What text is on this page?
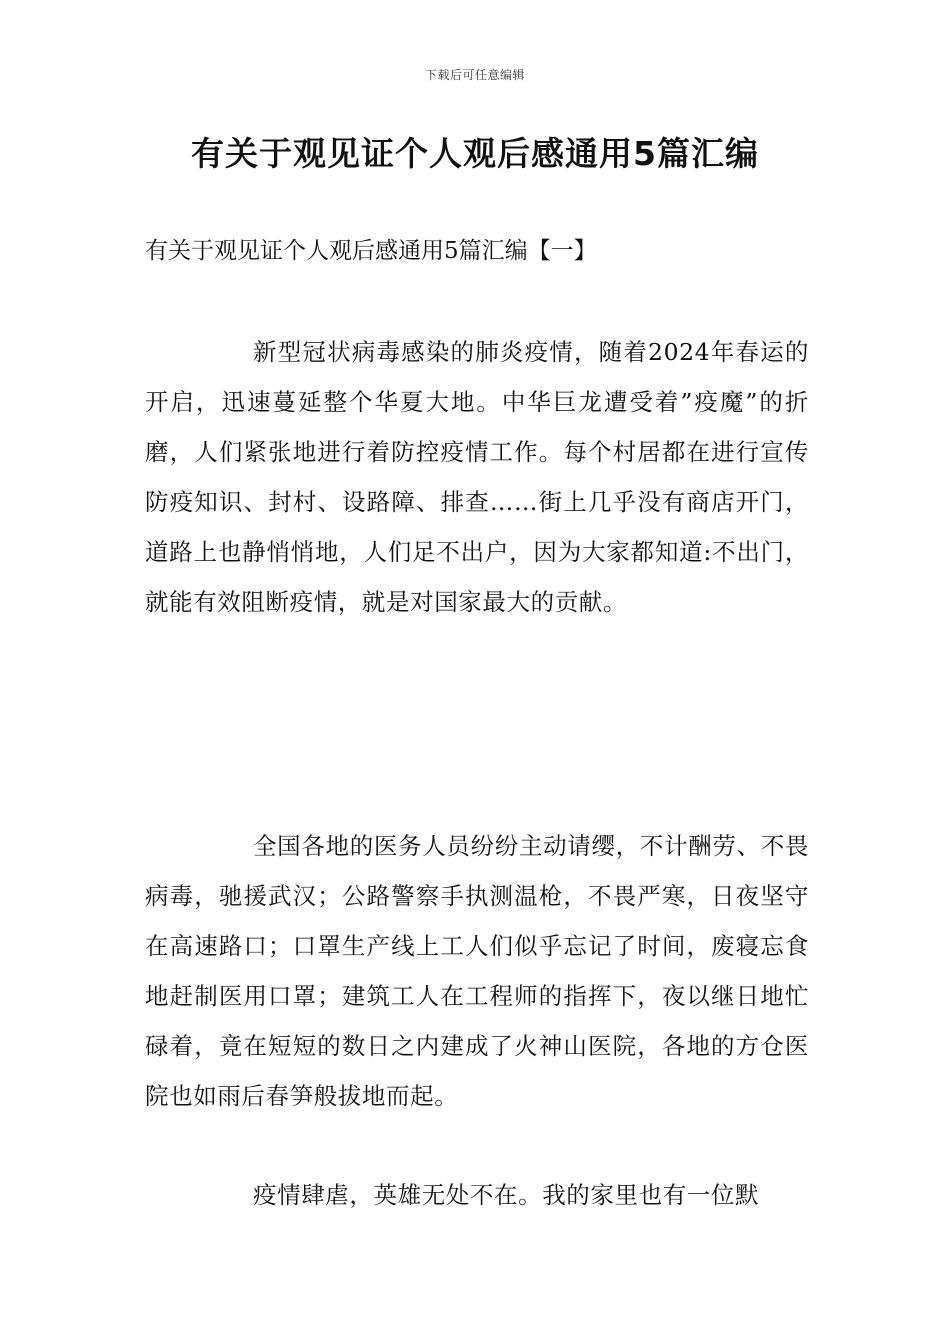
下载后可任意编辑
有关于观见证个人观后感通用5篇汇编
有关于观见证个人观后感通用5篇汇编【一】

新型冠状病毒感染的肺炎疫情，随着2024年春运的开启，迅速蔓延整个华夏大地。中华巨龙遭受着”疫魔”的折磨，人们紧张地进行着防控疫情工作。每个村居都在进行宣传防疫知识、封村、设路障、排查……街上几乎没有商店开门，道路上也静悄悄地，人们足不出户，因为大家都知道:不出门，就能有效阻断疫情，就是对国家最大的贡献。

全国各地的医务人员纷纷主动请缨，不计酬劳、不畏病毒，驰援武汉；公路警察手执测温枪，不畏严寒，日夜坚守在高速路口；口罩生产线上工人们似乎忘记了时间，废寝忘食地赶制医用口罩；建筑工人在工程师的指挥下，夜以继日地忙碌着，竟在短短的数日之内建成了火神山医院，各地的方仓医院也如雨后春笋般拔地而起。

疫情肆虐，英雄无处不在。我的家里也有一位默
